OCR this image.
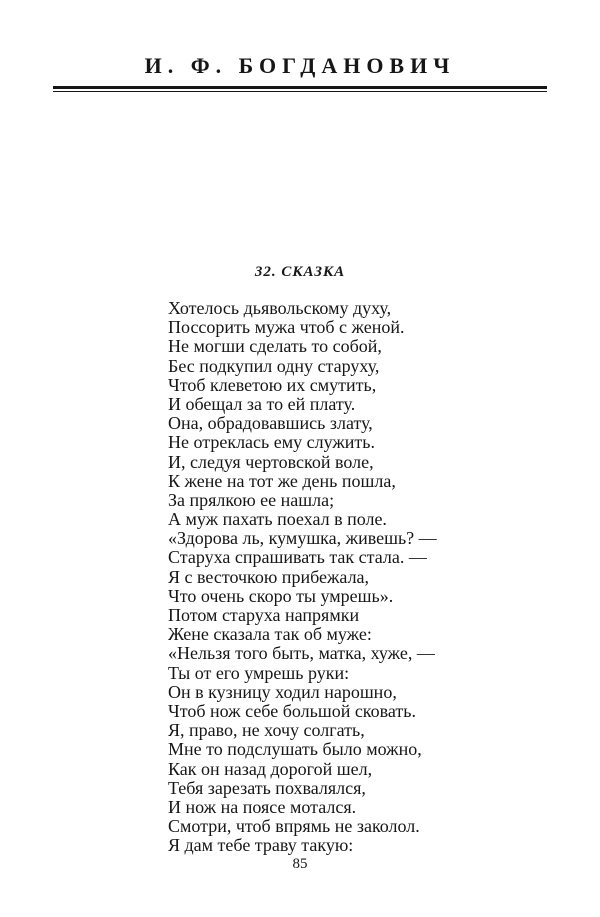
И. Ф. БОГДАНОВИЧ
32. СКАЗКА
Хотелось дьявольскому духу,
Поссорить мужа чтоб с женой.
Не могши сделать то собой,
Бес подкупил одну старуху,
Чтоб клеветою их смутить,
И обещал за то ей плату.
Она, обрадовавшись злату,
Не отреклась ему служить.
И, следуя чертовской воле,
К жене на тот же день пошла,
За прялкою ее нашла;
А муж пахать поехал в поле.
«Здорова ль, кумушка, живешь? —
Старуха спрашивать так стала. —
Я с весточкою прибежала,
Что очень скоро ты умрешь».
Потом старуха напрямки
Жене сказала так об муже:
«Нельзя того быть, матка, хуже, —
Ты от его умрешь руки:
Он в кузницу ходил нарошно,
Чтоб нож себе большой сковать.
Я, право, не хочу солгать,
Мне то подслушать было можно,
Как он назад дорогой шел,
Тебя зарезать похвалялся,
И нож на поясе мотался.
Смотри, чтоб впрямь не заколол.
Я дам тебе траву такую:
85
